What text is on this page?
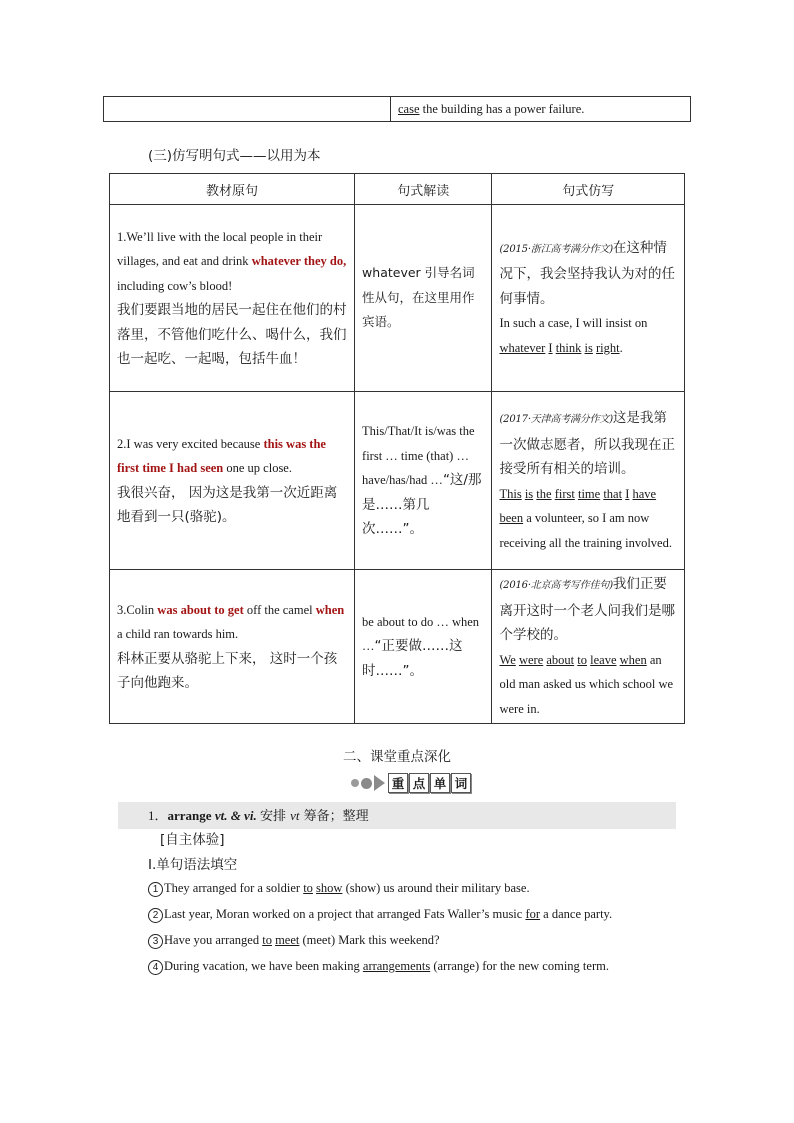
	case the building has a power failure.
(三)仿写明句式——以用为本
教材原句	句式解读	句式仿写
1.We’ll live with the local people in their villages, and eat and drink whatever they do, including cow’s blood!
我们要跟当地的居民一起住在他们的村落里，不管他们吃什么、喝什么，我们也一起吃、一起喝，包括牛血！	whatever 引导名词性从句，在这里用作宾语。	(2015·浙江高考满分作文)在这种情况下，我会坚持我认为对的任何事情。
In such a case, I will insist on whatever I think is right.
2.I was very excited because this was the first time I had seen one up close.
我很兴奋， 因为这是我第一次近距离地看到一只(骆驼)。	This/That/It is/was the first … time (that) …have/has/had …“这/那是……第几次……”。	(2017·天津高考满分作文)这是我第一次做志愿者，所以我现在正接受所有相关的培训。
This is the first time that I have been a volunteer, so I am now receiving all the training involved.
3.Colin was about to get off the camel when a child ran towards him.
科林正要从骆驼上下来， 这时一个孩子向他跑来。	be about to do … when …“正要做……这时……”。	(2016·北京高考写作佳句)我们正要离开这时一个老人问我们是哪个学校的。
We were about to leave when an old man asked us which school we were in.
二、课堂重点深化
重 点 单 词
1．arrange vt. & vi. 安排 vt 筹备；整理
[自主体验]
Ⅰ.单句语法填空
1 They arranged for a soldier to show (show) us around their military base.
2 Last year, Moran worked on a project that arranged Fats Waller’s music for a dance party.
3 Have you arranged to meet (meet) Mark this weekend?
4 During vacation, we have been making arrangements (arrange) for the new coming term.
